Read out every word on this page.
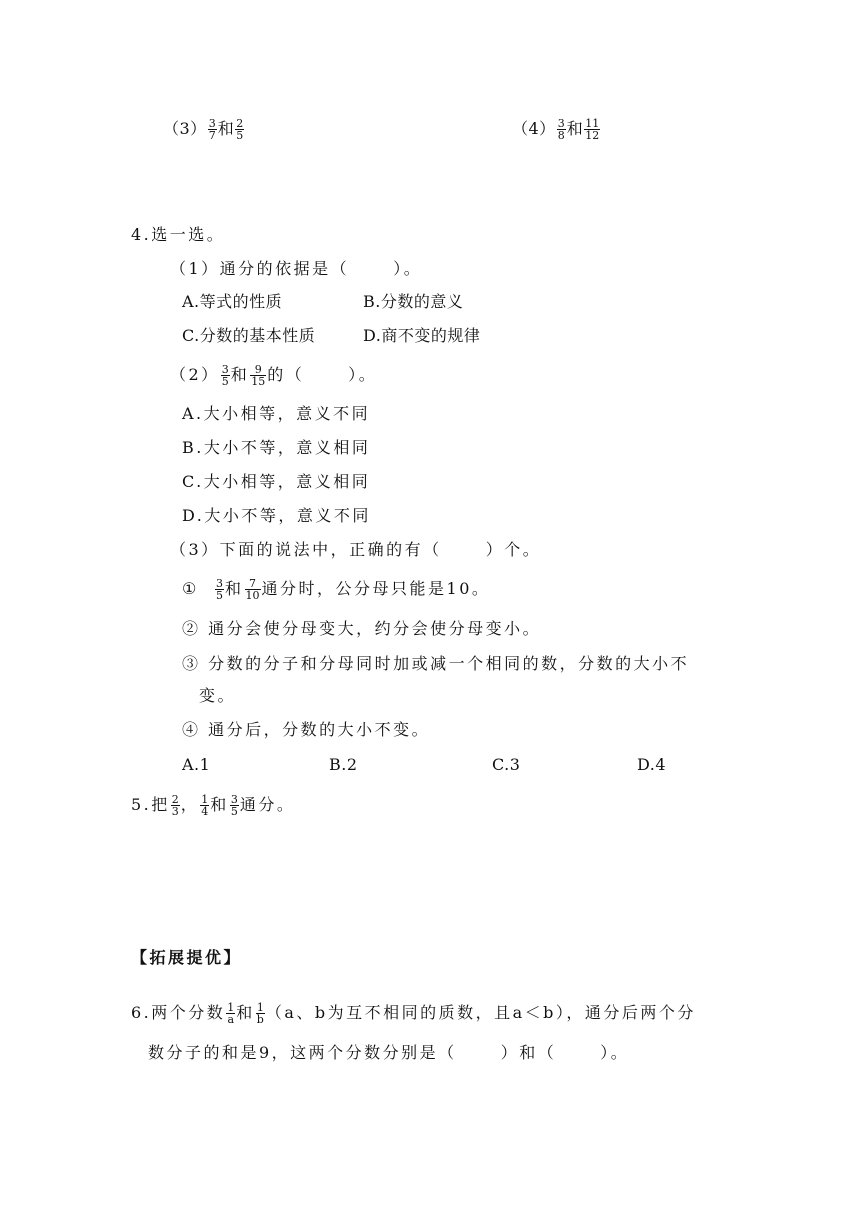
$(3) \frac{3}{7}$ 和 $\frac{2}{5}$	$(4) \frac{3}{8}$ 和 $\frac{11}{12}$
4.选一选。
（1）通分的依据是（	）。
A.等式的性质	B.分数的意义
C.分数的基本性质	D.商不变的规律
$(2) \frac{3}{5}$ 和 $\frac{9}{15}$ 的（	）。
A.大小相等，意义不同
B.大小不等，意义相同
C.大小相等，意义相同
D.大小不等，意义不同
（3）下面的说法中，正确的有（	）个。
① $\frac{3}{5}$ 和 $\frac{7}{10}$ 通分时，公分母只能是10。
② 通分会使分母变大，约分会使分母变小。
③ 分数的分子和分母同时加或减一个相同的数，分数的大小不
变。
④ 通分后，分数的大小不变。
A.1	B.2	C.3	D.4
5.把 $\frac{2}{3}$ ， $\frac{1}{4}$ 和 $\frac{3}{5}$ 通分。
【拓展提优】
6.两个分数 $\frac{1}{a}$ 和 $\frac{1}{b} (a$、b为互不相同的质数，且a＜b），通分后两个分
数分子的和是9，这两个分数分别是（	）和（	）。
